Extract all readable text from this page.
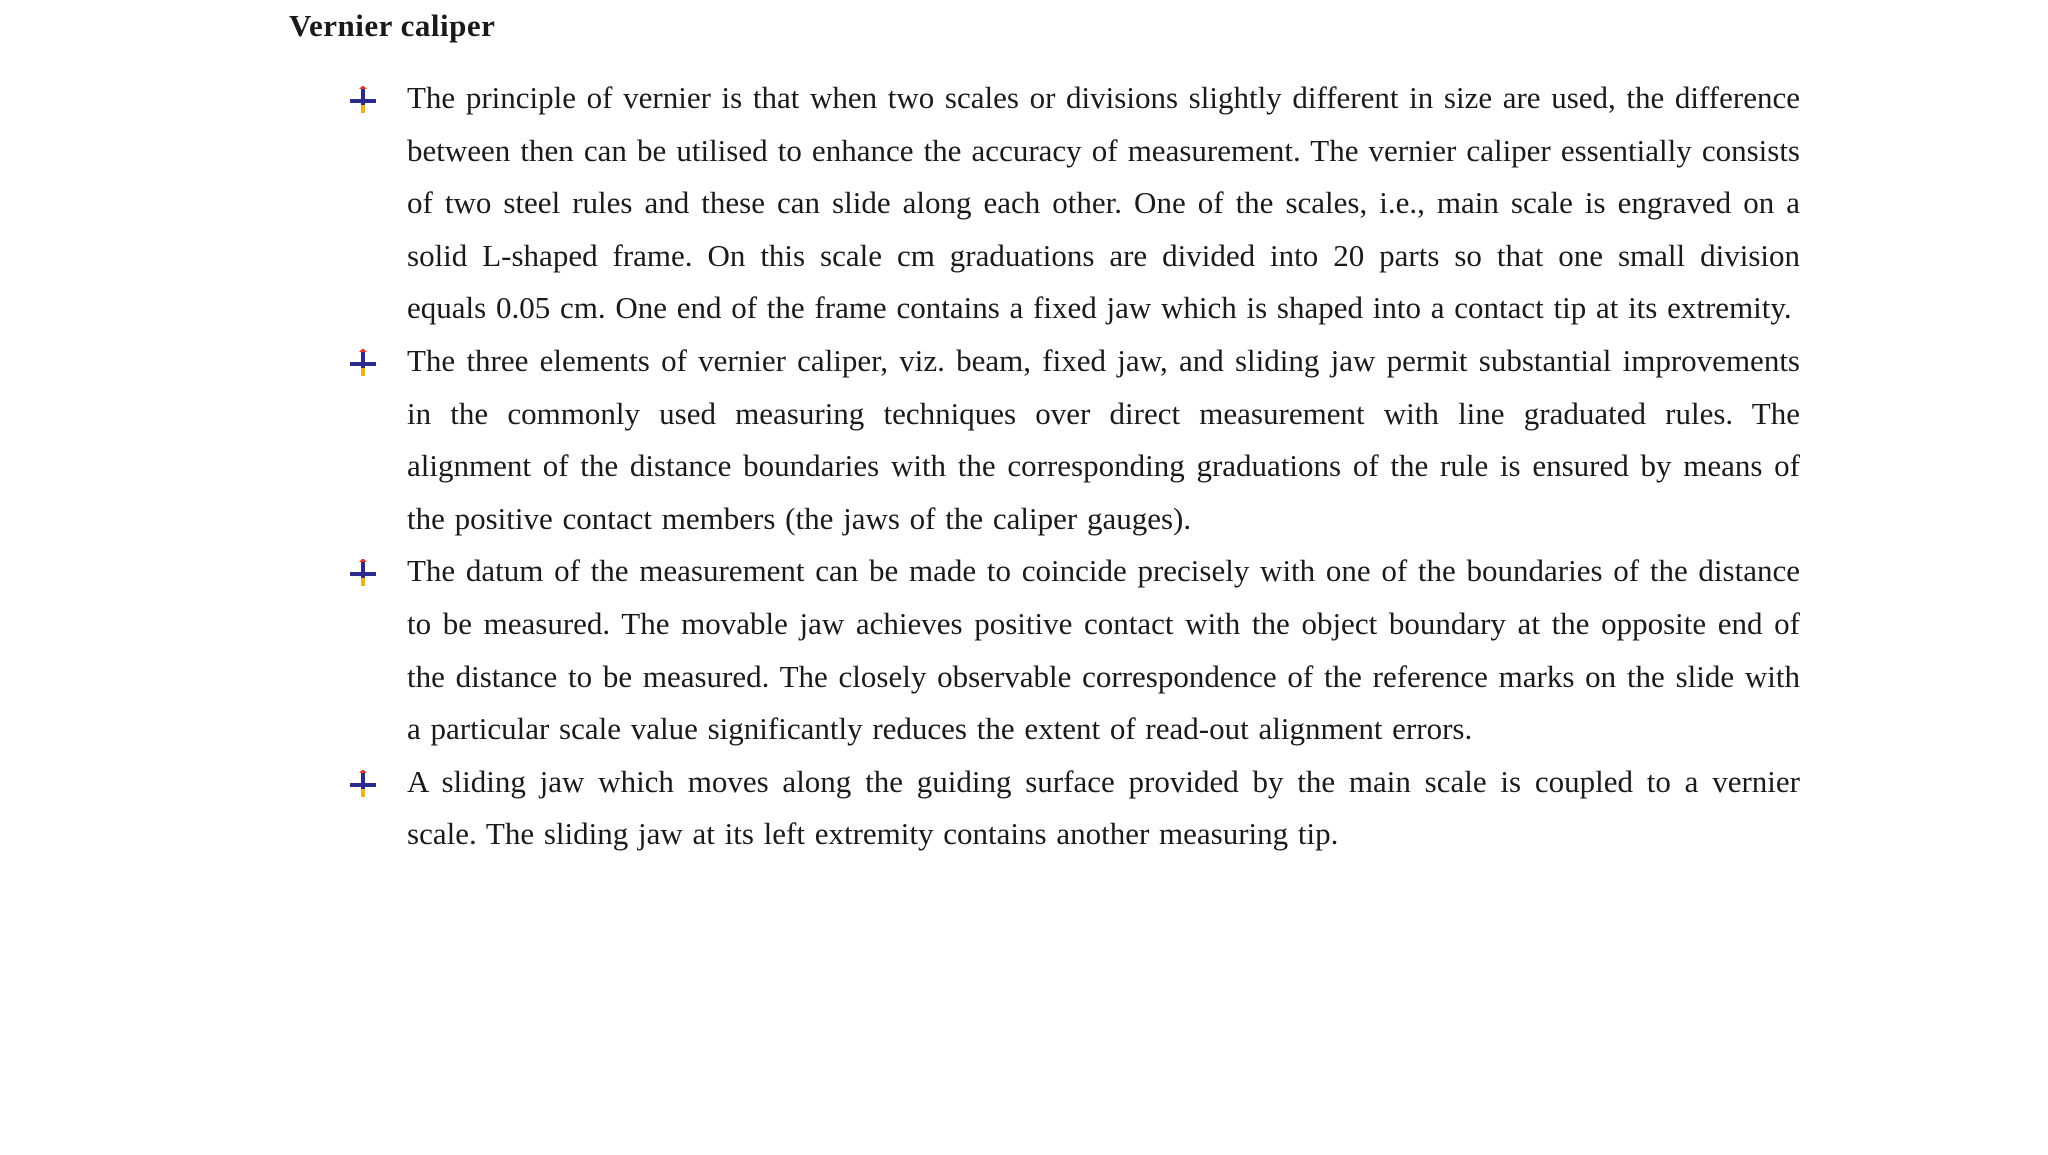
Vernier caliper
The principle of vernier is that when two scales or divisions slightly different in size are used, the difference between then can be utilised to enhance the accuracy of measurement. The vernier caliper essentially consists of two steel rules and these can slide along each other. One of the scales, i.e., main scale is engraved on a solid L-shaped frame. On this scale cm graduations are divided into 20 parts so that one small division equals 0.05 cm. One end of the frame contains a fixed jaw which is shaped into a contact tip at its extremity.
The three elements of vernier caliper, viz. beam, fixed jaw, and sliding jaw permit substantial improvements in the commonly used measuring techniques over direct measurement with line graduated rules. The alignment of the distance boundaries with the corresponding graduations of the rule is ensured by means of the positive contact members (the jaws of the caliper gauges).
The datum of the measurement can be made to coincide precisely with one of the boundaries of the distance to be measured. The movable jaw achieves positive contact with the object boundary at the opposite end of the distance to be measured. The closely observable correspondence of the reference marks on the slide with a particular scale value significantly reduces the extent of read-out alignment errors.
A sliding jaw which moves along the guiding surface provided by the main scale is coupled to a vernier scale. The sliding jaw at its left extremity contains another measuring tip.
